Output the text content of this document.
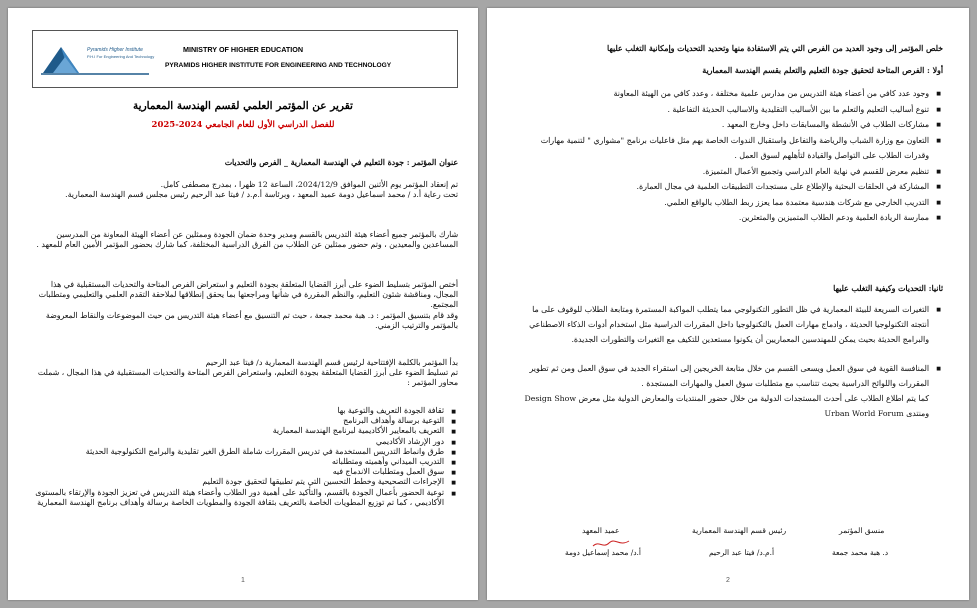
Pyramids Higher Institute
P.H.I For Engineering And Technology
MINISTRY OF HIGHER EDUCATION
PYRAMIDS HIGHER INSTITUTE FOR ENGINEERING AND TECHNOLOGY
تقرير عن المؤتمر العلمي لقسم الهندسة المعمارية
للفصل الدراسي الأول للعام الجامعي 2024-2025

عنوان المؤتمر : جودة التعليم في الهندسة المعمارية _ الفرص والتحديات

تم إنعقاد المؤتمر يوم الأثنين الموافق 2024/12/9، الساعة 12 ظهرا ، بمدرج مصطفى كامل.

تحت رعاية أ.د / محمد اسماعيل دومة عميد المعهد ، وبرئاسة أ.م.د / فيتا عبد الرحيم رئيس مجلس قسم الهندسة المعمارية.

شارك بالمؤتمر جميع أعضاء هيئة التدريس بالقسم ومدير وحدة ضمان الجودة وممثلين عن أعضاء الهيئة المعاونة من المدرسين المساعدين والمعيدين ، وتم حضور ممثلين عن الطلاب من الفرق الدراسية المختلفة، كما شارك بحضور المؤتمر الأمين العام للمعهد .

أختص المؤتمر بتسليط الضوء على أبرز القضايا المتعلقة بجودة التعليم و استعراض الفرص المتاحة والتحديات المستقبلية في هذا المجال، ومناقشة شئون التعليم، والنظم المقررة في شأنها ومراجعتها بما يحقق إنطلاقها لملاحقة التقدم العلمي والتعليمي ومتطلبات المجتمع.

وقد قام بتنسيق المؤتمر : د. هبة محمد جمعة ، حيث تم التنسيق مع أعضاء هيئة التدريس من حيث الموضوعات والنقاط المعروضة بالمؤتمر والترتيب الزمني.

بدأ المؤتمر بالكلمة الإفتتاحية لرئيس قسم الهندسة المعمارية د/ فيتا عبد الرحيم

تم تسليط الضوء على أبرز القضايا المتعلقة بجودة التعليم، واستعراض الفرص المتاحة والتحديات المستقبلية في هذا المجال ، شملت محاور المؤتمر :

■ ثقافة الجودة التعريف والتوعية بها
■ التوعية برسالة وأهداف البرنامج
■ التعريف بالمعايير الأكاديمية لبرنامج الهندسة المعمارية
■ دور الإرشاد الأكاديمي
■ طرق وانماط التدريس المستخدمة في تدريس المقررات شاملة الطرق الغير تقليدية والبرامج التكنولوجية الحديثة
■ التدريب الميداني وأهميته ومتطلباته
■ سوق العمل ومتطلبات الاندماج فيه
■ الإجراءات التصحيحية وخطط التحسين التي يتم تطبيقها لتحقيق جودة التعليم
■ توعية الحضور بأعمال الجودة بالقسم، والتأكيد على أهمية دور الطلاب وأعضاء هيئة التدريس في تعزيز الجودة والإرتقاء بالمستوى الأكاديمي ، كما تم توزيع المطويات الخاصة بالتعريف بثقافة الجودة والمطويات الخاصة برسالة وأهداف برنامج الهندسة المعمارية
1

خلص المؤتمر إلى وجود العديد من الفرص التي يتم الاستفادة منها وتحديد التحديات وإمكانية التغلب عليها

أولا : الفرص المتاحة لتحقيق جودة التعليم والتعلم بقسم الهندسة المعمارية

■ وجود عدد كافي من أعضاء هيئة التدريس من مدارس علمية مختلفة ، وعدد كافي من الهيئة المعاونة
■ تنوع أساليب التعليم والتعلم ما بين الأساليب التقليدية والاساليب الحديثة التفاعلية .
■ مشاركات الطلاب في الأنشطة والمسابقات داخل وخارج المعهد .
■ التعاون مع وزارة الشباب والرياضة والتفاعل واستقبال الندوات الخاصة بهم مثل فاعليات برنامج "مشواري " لتنمية مهارات وقدرات الطلاب على التواصل والقيادة لتأهلهم لسوق العمل .
■ تنظيم معرض للقسم في نهاية العام الدراسي وتجميع الأعمال المتميزة.
■ المشاركة في الحلقات البحثية والإطلاع على مستجدات التطبيقات العلمية في مجال العمارة.
■ التدريب الخارجي مع شركات هندسية معتمدة مما يعزز ربط الطلاب بالواقع العلمي.
■ ممارسة الريادة العلمية ودعم الطلاب المتميزين والمتعثرين.

ثانيا: التحديات وكيفية التغلب عليها

■ التغيرات السريعة للبيئة المعمارية في ظل التطور التكنولوجي مما يتطلب المواكبة المستمرة ومتابعة الطلاب للوقوف على ما أنتجته التكنولوجيا الحديثة ، وادماج مهارات العمل بالتكنولوجيا داخل المقررات الدراسية مثل استخدام أدوات الذكاء الاصطناعي والبرامج الحديثة بحيث يمكن للمهندسين المعماريين أن يكونوا مستعدين للتكيف مع التغيرات والتطورات الجديدة.
■ المنافسة القوية في سوق العمل ويسعى القسم من خلال متابعة الخريجين إلى استقراء الجديد في سوق العمل ومن ثم تطوير المقررات واللوائح الدراسية بحيث تتناسب مع متطلبات سوق العمل والمهارات المستجدة .

كما يتم اطلاع الطلاب على أحدث المستجدات الدولية من خلال حضور المنتديات والمعارض الدولية مثل معرض Design Show ومنتدى Urban World Forum

منسق المؤتمر
د. هبة محمد جمعة
رئيس قسم الهندسة المعمارية
أ.م.د/ فيتا عبد الرحيم
عميد المعهد
أ.د/ محمد إسماعيل دومة
2
